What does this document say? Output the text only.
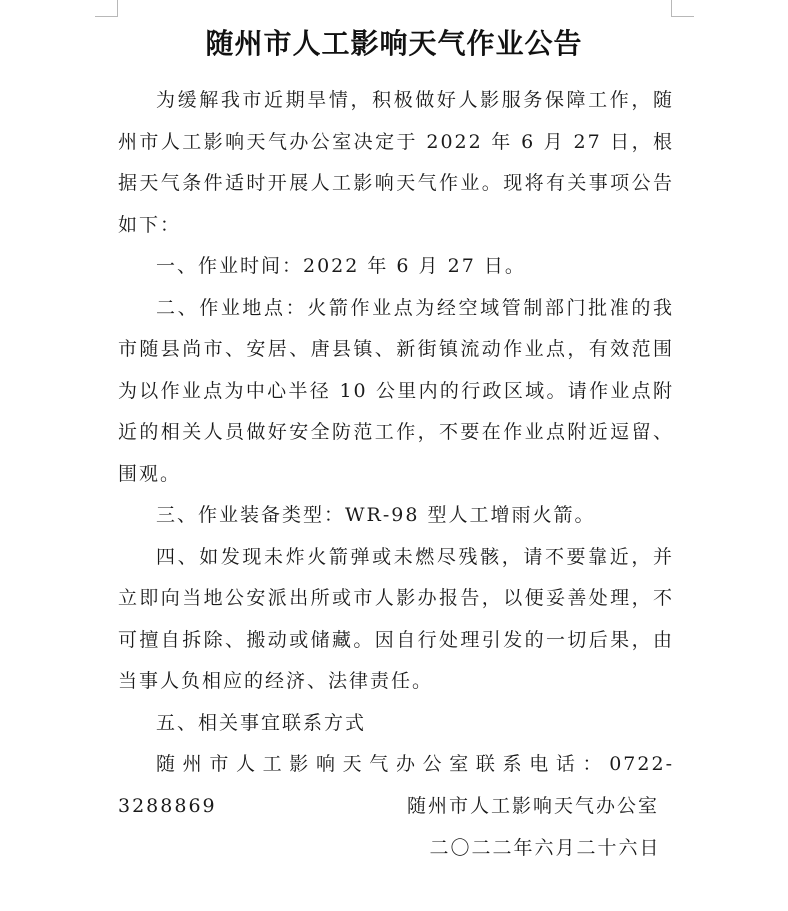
随州市人工影响天气作业公告

为缓解我市近期旱情，积极做好人影服务保障工作，随州市人工影响天气办公室决定于 2022 年 6 月 27 日，根据天气条件适时开展人工影响天气作业。现将有关事项公告如下：

一、作业时间：2022 年 6 月 27 日。

二、作业地点：火箭作业点为经空域管制部门批准的我市随县尚市、安居、唐县镇、新街镇流动作业点，有效范围为以作业点为中心半径 10 公里内的行政区域。请作业点附近的相关人员做好安全防范工作，不要在作业点附近逗留、围观。

三、作业装备类型：WR-98 型人工增雨火箭。

四、如发现未炸火箭弹或未燃尽残骸，请不要靠近，并立即向当地公安派出所或市人影办报告，以便妥善处理，不可擅自拆除、搬动或储藏。因自行处理引发的一切后果，由当事人负相应的经济、法律责任。

五、相关事宜联系方式

随州市人工影响天气办公室联系电话：0722-3288869	随州市人工影响天气办公室
二〇二二年六月二十六日
